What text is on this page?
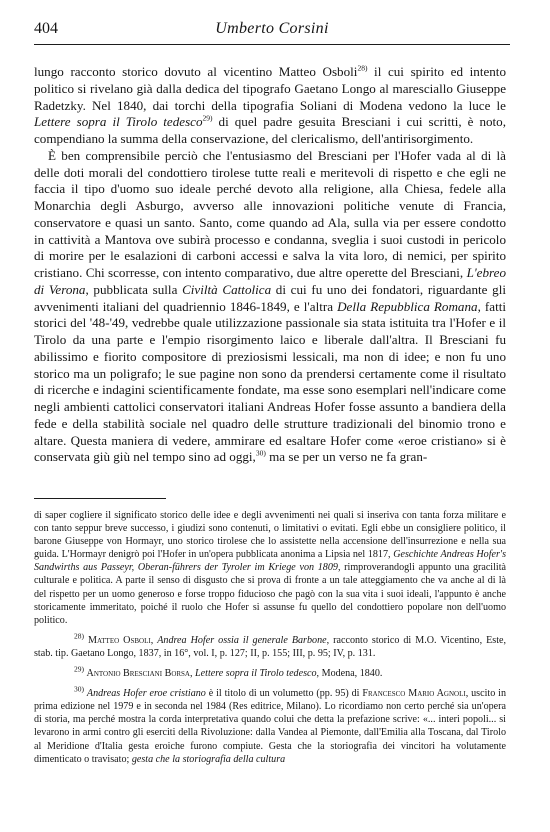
404	Umberto Corsini

lungo racconto storico dovuto al vicentino Matteo Osboli$^{28)}$ il cui spirito ed intento politico si rivelano già dalla dedica del tipografo Gaetano Longo al maresciallo Giuseppe Radetzky. Nel 1840, dai torchi della tipografia Soliani di Modena vedono la luce le Lettere sopra il Tirolo tedesco$^{29)}$ di quel padre gesuita Bresciani i cui scritti, è noto, compendiano la summa della conservazione, del clericalismo, dell'antirisorgimento.

È ben comprensibile perciò che l'entusiasmo del Bresciani per l'Hofer vada al di là delle doti morali del condottiero tirolese tutte reali e meritevoli di rispetto e che egli ne faccia il tipo d'uomo suo ideale perché devoto alla religione, alla Chiesa, fedele alla Monarchia degli Asburgo, avverso alle innovazioni politiche venute di Francia, conservatore e quasi un santo. Santo, come quando ad Ala, sulla via per essere condotto in cattività a Mantova ove subirà processo e condanna, sveglia i suoi custodi in pericolo di morire per le esalazioni di carboni accessi e salva la vita loro, di nemici, per spirito cristiano. Chi scorresse, con intento comparativo, due altre operette del Bresciani, L'ebreo di Verona, pubblicata sulla Civiltà Cattolica di cui fu uno dei fondatori, riguardante gli avvenimenti italiani del quadriennio 1846-1849, e l'altra Della Repubblica Romana, fatti storici del '48-'49, vedrebbe quale utilizzazione passionale sia stata istituita tra l'Hofer e il Tirolo da una parte e l'empio risorgimento laico e liberale dall'altra. Il Bresciani fu abilissimo e fiorito compositore di preziosismi lessicali, ma non di idee; e non fu uno storico ma un poligrafo; le sue pagine non sono da prendersi certamente come il risultato di ricerche e indagini scientificamente fondate, ma esse sono esemplari nell'indicare come negli ambienti cattolici conservatori italiani Andreas Hofer fosse assunto a bandiera della fede e della stabilità sociale nel quadro delle strutture tradizionali del binomio trono e altare. Questa maniera di vedere, ammirare ed esaltare Hofer come «eroe cristiano» si è conservata giù giù nel tempo sino ad oggi,$^{30)}$ ma se per un verso ne fa gran-

di saper cogliere il significato storico delle idee e degli avvenimenti nei quali si inseriva con tanta forza militare e con tanto seppur breve successo, i giudizi sono contenuti, o limitativi o evitati. Egli ebbe un consigliere politico, il barone Giuseppe von Hormayr, uno storico tirolese che lo assistette nella accensione dell'insurrezione e nella sua guida. L'Hormayr denigrò poi l'Hofer in un'opera pubblicata anonima a Lipsia nel 1817, Geschichte Andreas Hofer's Sandwirths aus Passeyr, Oberan-führers der Tyroler im Kriege von 1809, rimproverandogli appunto una gracilità culturale e politica. A parte il senso di disgusto che si prova di fronte a un tale atteggiamento che va anche al di là del rispetto per un uomo generoso e forse troppo fiducioso che pagò con la sua vita i suoi ideali, l'appunto è anche storicamente immeritato, poiché il ruolo che Hofer si assunse fu quello del condottiero popolare non dell'uomo politico.

$^{28)}$ Matteo Osboli, Andrea Hofer ossia il generale Barbone, racconto storico di M.O. Vicentino, Este, stab. tip. Gaetano Longo, 1837, in 16°, vol. I, p. 127; II, p. 155; III, p. 95; IV, p. 131.

$^{29)}$ Antonio Bresciani Borsa, Lettere sopra il Tirolo tedesco, Modena, 1840.

$^{30)}$ Andreas Hofer eroe cristiano è il titolo di un volumetto (pp. 95) di Francesco Mario Agnoli, uscito in prima edizione nel 1979 e in seconda nel 1984 (Res editrice, Milano). Lo ricordiamo non certo perché sia un'opera di storia, ma perché mostra la corda interpretativa quando colui che detta la prefazione scrive: «... interi popoli... si levarono in armi contro gli eserciti della Rivoluzione: dalla Vandea al Piemonte, dall'Emilia alla Toscana, dal Tirolo al Meridione d'Italia gesta eroiche furono compiute. Gesta che la storiografia dei vincitori ha volutamente dimenticato o travisato; gesta che la storiografia della cultura
